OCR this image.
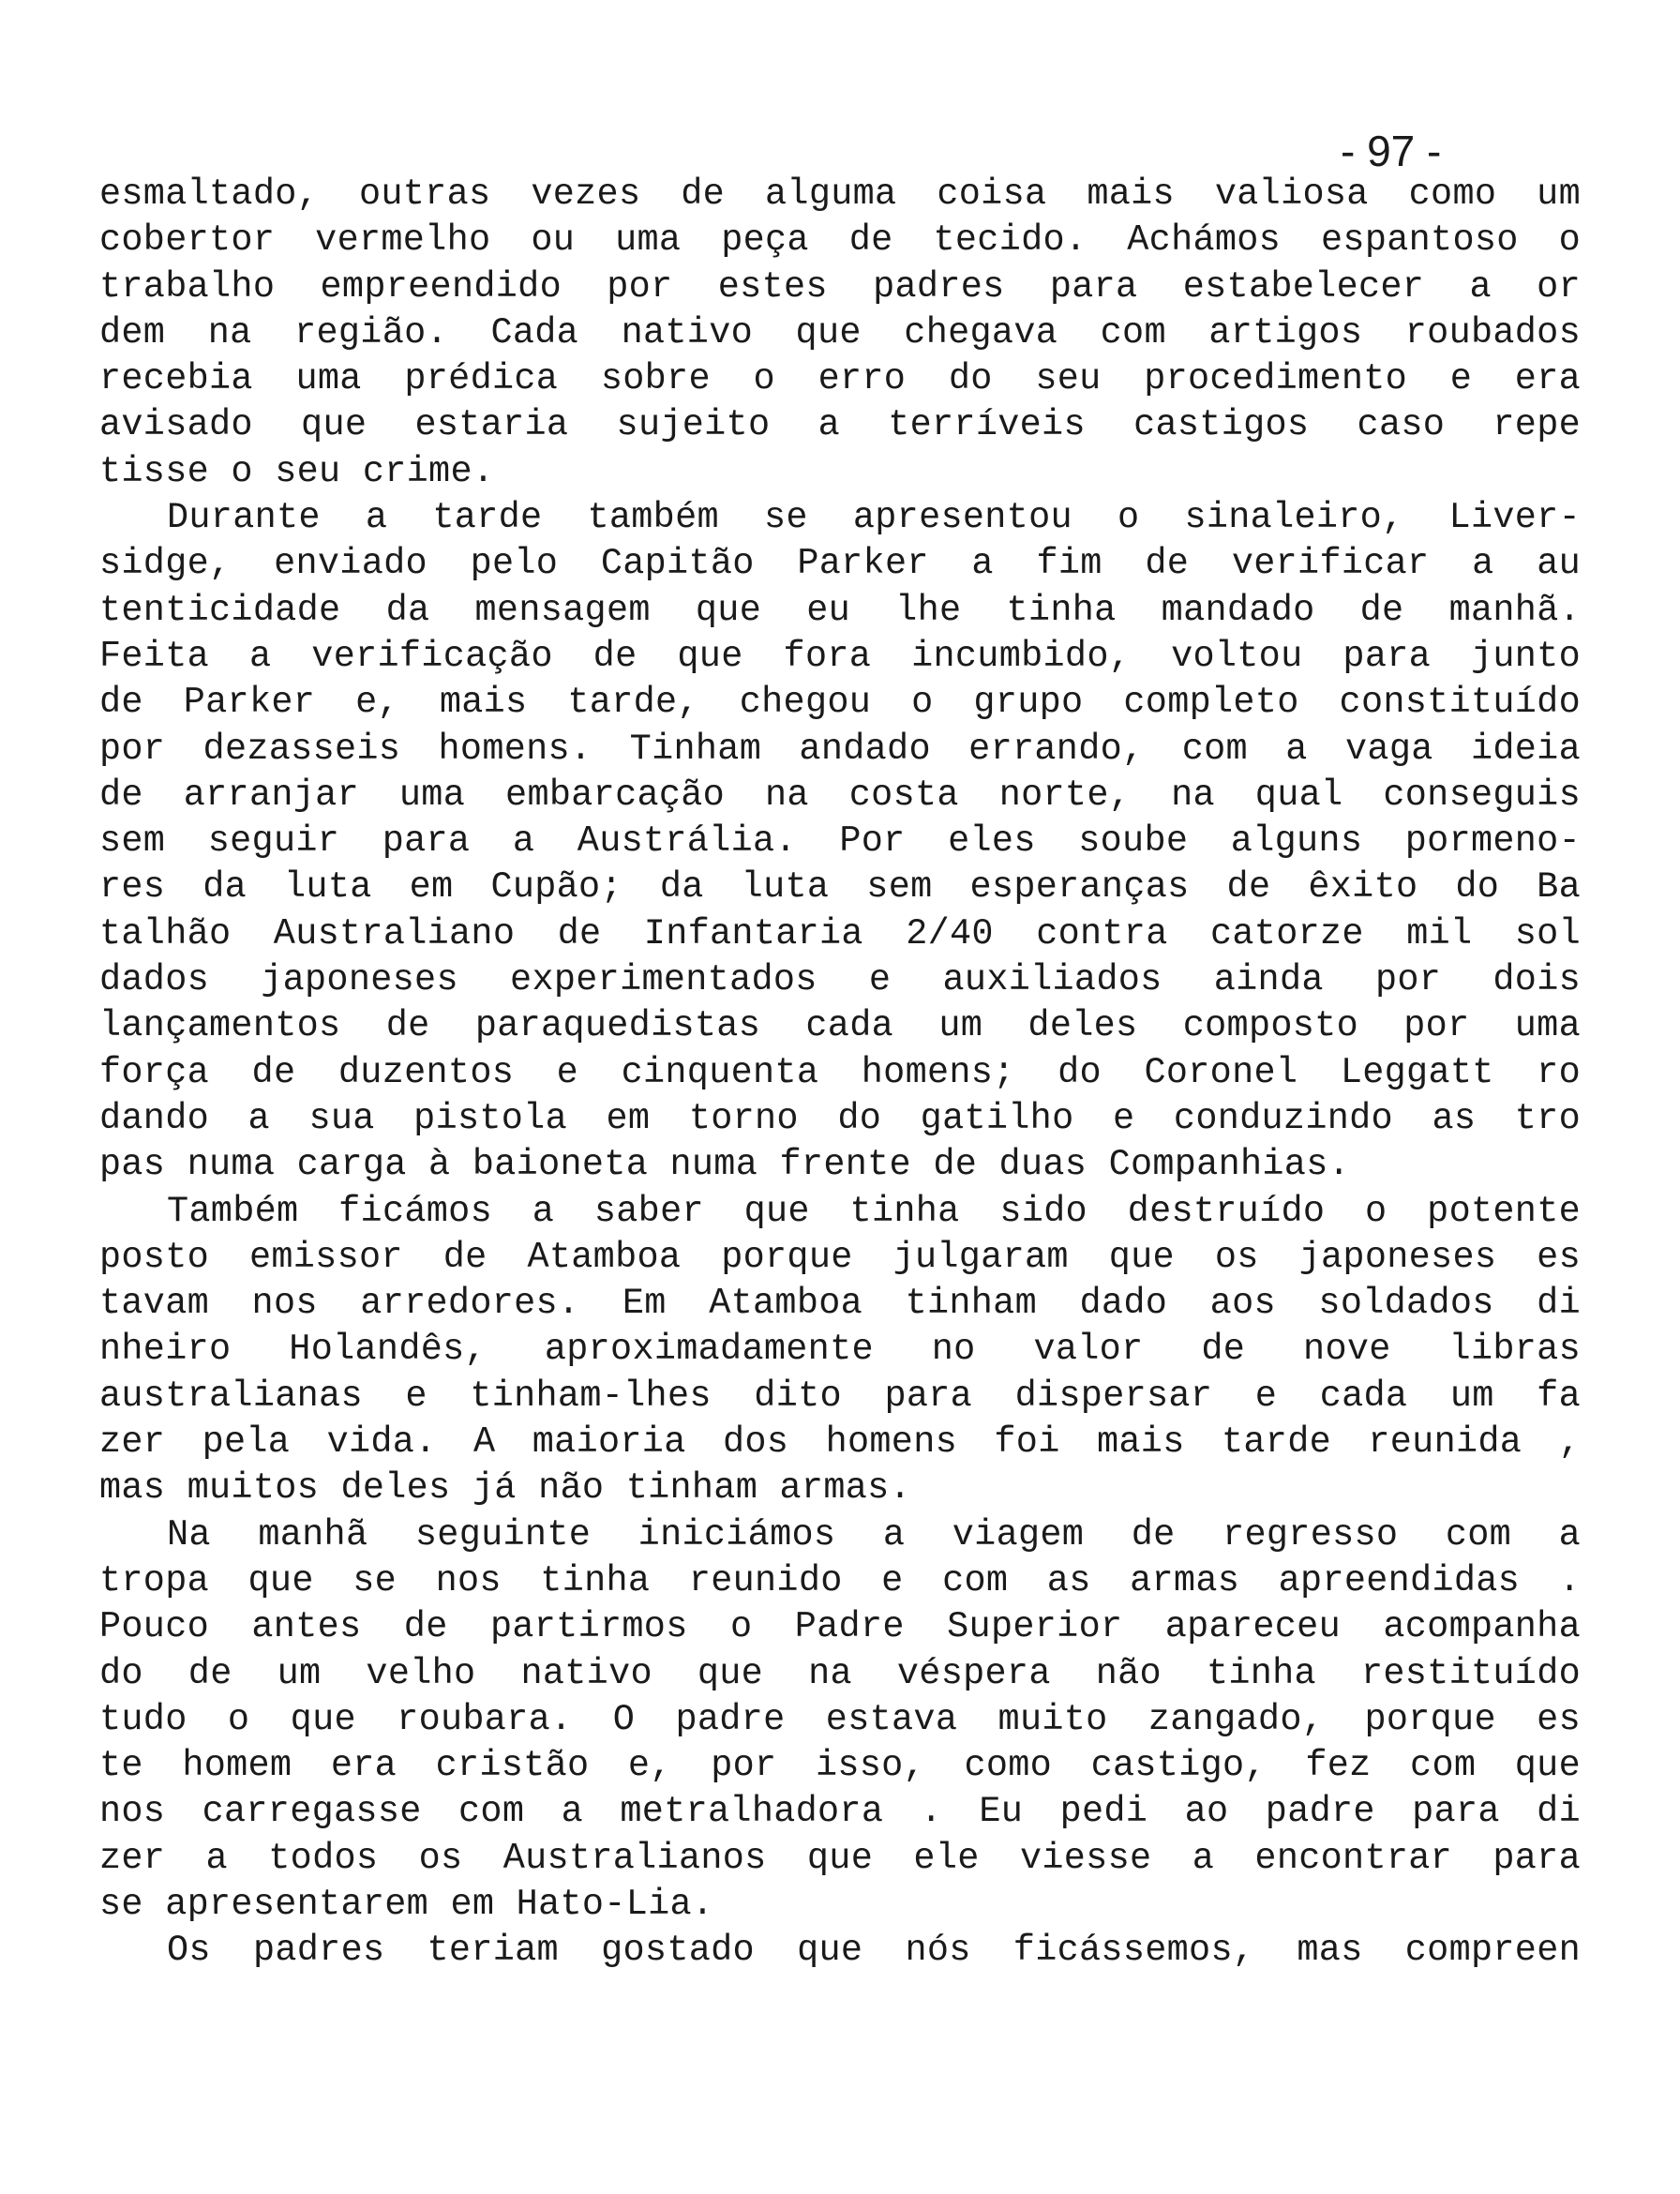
- 97 -
esmaltado, outras vezes de alguma coisa mais valiosa como um
cobertor vermelho ou uma peça de tecido. Achámos espantoso o
trabalho empreendido por estes padres para estabelecer a or
dem na região. Cada nativo que chegava com artigos roubados
recebia uma prédica sobre o erro do seu procedimento e era
avisado que estaria sujeito a terríveis castigos caso repe
tisse o seu crime.
Durante a tarde também se apresentou o sinaleiro, Liver-
sidge, enviado pelo Capitão Parker a fim de verificar a au
tenticidade da mensagem que eu lhe tinha mandado de manhã.
Feita a verificação de que fora incumbido, voltou para junto
de Parker e, mais tarde, chegou o grupo completo constituído
por dezasseis homens. Tinham andado errando, com a vaga ideia
de arranjar uma embarcação na costa norte, na qual conseguis
sem seguir para a Austrália. Por eles soube alguns pormeno-
res da luta em Cupão; da luta sem esperanças de êxito do Ba
talhão Australiano de Infantaria 2/40 contra catorze mil sol
dados japoneses experimentados e auxiliados ainda por dois
lançamentos de paraquedistas cada um deles composto por uma
força de duzentos e cinquenta homens; do Coronel Leggatt ro
dando a sua pistola em torno do gatilho e conduzindo as tro
pas numa carga à baioneta numa frente de duas Companhias.
Também ficámos a saber que tinha sido destruído o potente
posto emissor de Atamboa porque julgaram que os japoneses es
tavam nos arredores. Em Atamboa tinham dado aos soldados di
nheiro Holandês, aproximadamente no valor de nove libras
australianas e tinham-lhes dito para dispersar e cada um fa
zer pela vida. A maioria dos homens foi mais tarde reunida ,
mas muitos deles já não tinham armas.
Na manhã seguinte iniciámos a viagem de regresso com a
tropa que se nos tinha reunido e com as armas apreendidas .
Pouco antes de partirmos o Padre Superior apareceu acompanha
do de um velho nativo que na véspera não tinha restituído
tudo o que roubara. O padre estava muito zangado, porque es
te homem era cristão e, por isso, como castigo, fez com que
nos carregasse com a metralhadora . Eu pedi ao padre para di
zer a todos os Australianos que ele viesse a encontrar para
se apresentarem em Hato-Lia.
Os padres teriam gostado que nós ficássemos, mas compreen
